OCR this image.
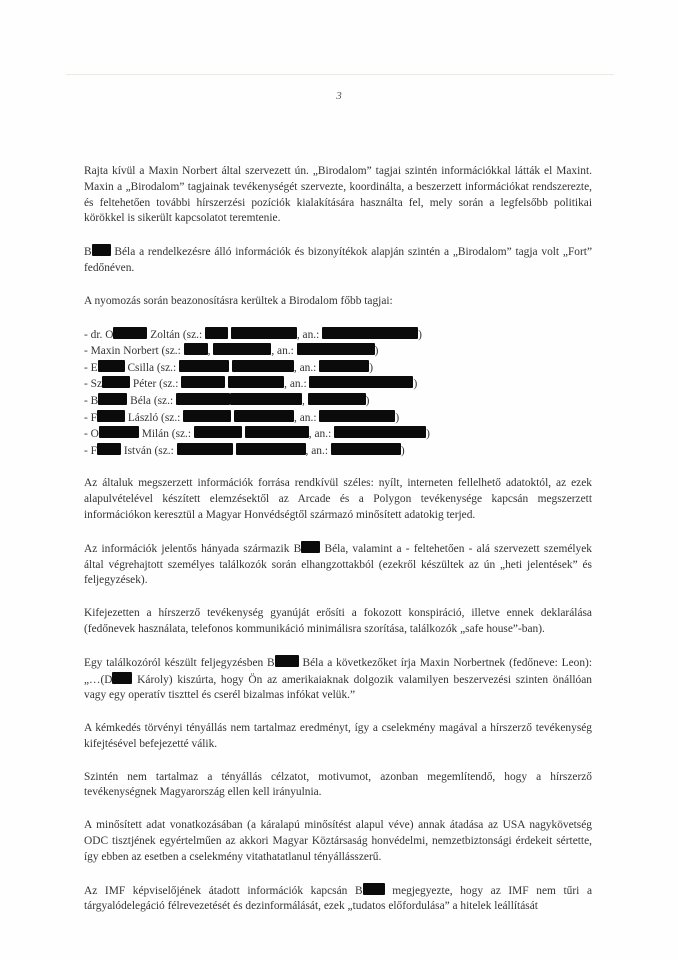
3

Rajta kívül a Maxin Norbert által szervezett ún. „Birodalom” tagjai szintén információkkal látták el Maxint. Maxin a „Birodalom” tagjainak tevékenységét szervezte, koordinálta, a beszerzett információkat rendszerezte, és feltehetően további hírszerzési pozíciók kialakítására használta fel, mely során a legfelsőbb politikai körökkel is sikerült kapcsolatot teremtenie.

B Béla a rendelkezésre álló információk és bizonyítékok alapján szintén a „Birodalom” tagja volt „Fort” fedőnéven.

A nyomozás során beazonosításra kerültek a Birodalom főbb tagjai:

- dr. O	Zoltán (sz.:	, an.:	)
- Maxin Norbert (sz.: ,	, an.:	)
- E Csilla (sz.:	, an.:	)
- Sz Péter (sz.:	, an.:	)
- B	Béla (sz.:	,	)
- F László (sz.:	, an.:	)
- O	Milán (sz.:	, an.:	)
- F István (sz.:	, an.:	)

Az általuk megszerzett információk forrása rendkívül széles: nyílt, interneten fellelhető adatoktól, az ezek alapulvételével készített elemzésektől az Arcade és a Polygon tevékenysége kapcsán megszerzett információkon keresztül a Magyar Honvédségtől származó minősített adatokig terjed.

Az információk jelentős hányada származik B Béla, valamint a - feltehetően - alá szervezett személyek által végrehajtott személyes találkozók során elhangzottakból (ezekről készültek az ún „heti jelentések” és feljegyzések).

Kifejezetten a hírszerző tevékenység gyanúját erősíti a fokozott konspiráció, illetve ennek deklarálása (fedőnevek használata, telefonos kommunikáció minimálisra szorítása, találkozók „safe house”-ban).

Egy találkozóról készült feljegyzésben B Béla a következőket írja Maxin Norbertnek (fedőneve: Leon): „…(D Károly) kiszúrta, hogy Ön az amerikaiaknak dolgozik valamilyen beszervezési szinten önállóan vagy egy operatív tiszttel és cserél bizalmas infókat velük.”

A kémkedés törvényi tényállás nem tartalmaz eredményt, így a cselekmény magával a hírszerző tevékenység kifejtésével befejezetté válik.

Szintén nem tartalmaz a tényállás célzatot, motivumot, azonban megemlítendő, hogy a hírszerző tevékenységnek Magyarország ellen kell irányulnia.

A minősített adat vonatkozásában (a káralapú minősítést alapul véve) annak átadása az USA nagykövetség ODC tisztjének egyértelműen az akkori Magyar Köztársaság honvédelmi, nemzetbiztonsági érdekeit sértette, így ebben az esetben a cselekmény vitathatatlanul tényállásszerű.

Az IMF képviselőjének átadott információk kapcsán B megjegyezte, hogy az IMF nem tűri a tárgyalódelegáció félrevezetését és dezinformálását, ezek „tudatos előfordulása” a hitelek leállítását
